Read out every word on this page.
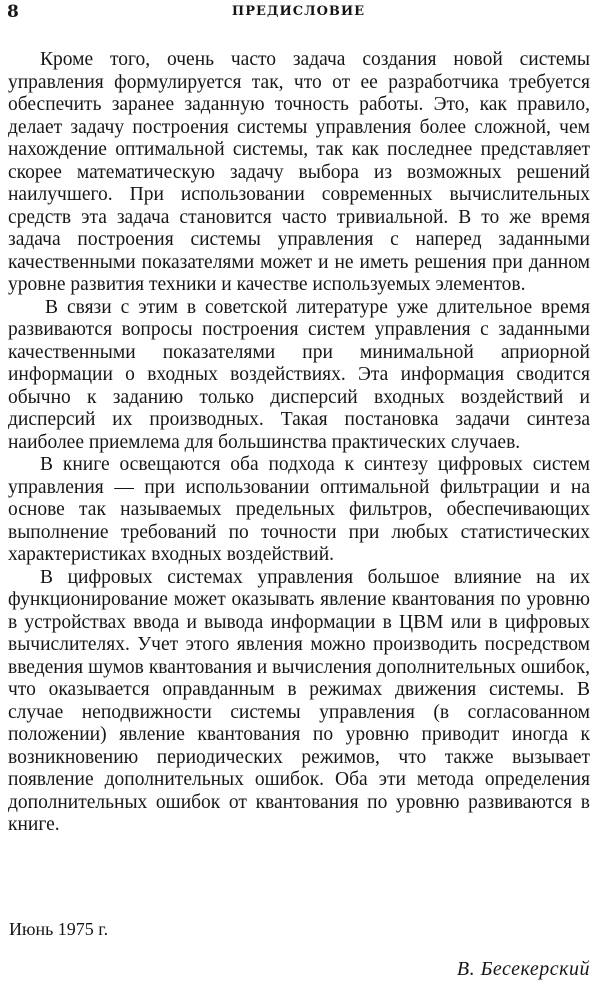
8	ПРЕДИСЛОВИЕ

Кроме того, очень часто задача создания новой системы управления формулируется так, что от ее разработчика требуется обеспечить заранее заданную точность работы. Это, как правило, делает задачу построения системы управления более сложной, чем нахождение оптимальной системы, так как последнее представляет скорее математическую задачу выбора из возможных решений наилучшего. При использовании современных вычислительных средств эта задача становится часто тривиальной. В то же время задача построения системы управления с наперед заданными качественными показателями может и не иметь решения при данном уровне развития техники и качестве используемых элементов.

В связи с этим в советской литературе уже длительное время развиваются вопросы построения систем управления с заданными качественными показателями при минимальной априорной информации о входных воздействиях. Эта информация сводится обычно к заданию только дисперсий входных воздействий и дисперсий их производных. Такая постановка задачи синтеза наиболее приемлема для большинства практических случаев.

В книге освещаются оба подхода к синтезу цифровых систем управления — при использовании оптимальной фильтрации и на основе так называемых предельных фильтров, обеспечивающих выполнение требований по точности при любых статистических характеристиках входных воздействий.

В цифровых системах управления большое влияние на их функционирование может оказывать явление квантования по уровню в устройствах ввода и вывода информации в ЦВМ или в цифровых вычислителях. Учет этого явления можно производить посредством введения шумов квантования и вычисления дополнительных ошибок, что оказывается оправданным в режимах движения системы. В случае неподвижности системы управления (в согласованном положении) явление квантования по уровню приводит иногда к возникновению периодических режимов, что также вызывает появление дополнительных ошибок. Оба эти метода определения дополнительных ошибок от квантования по уровню развиваются в книге.

Июнь 1975 г.
В. Бесекерский
